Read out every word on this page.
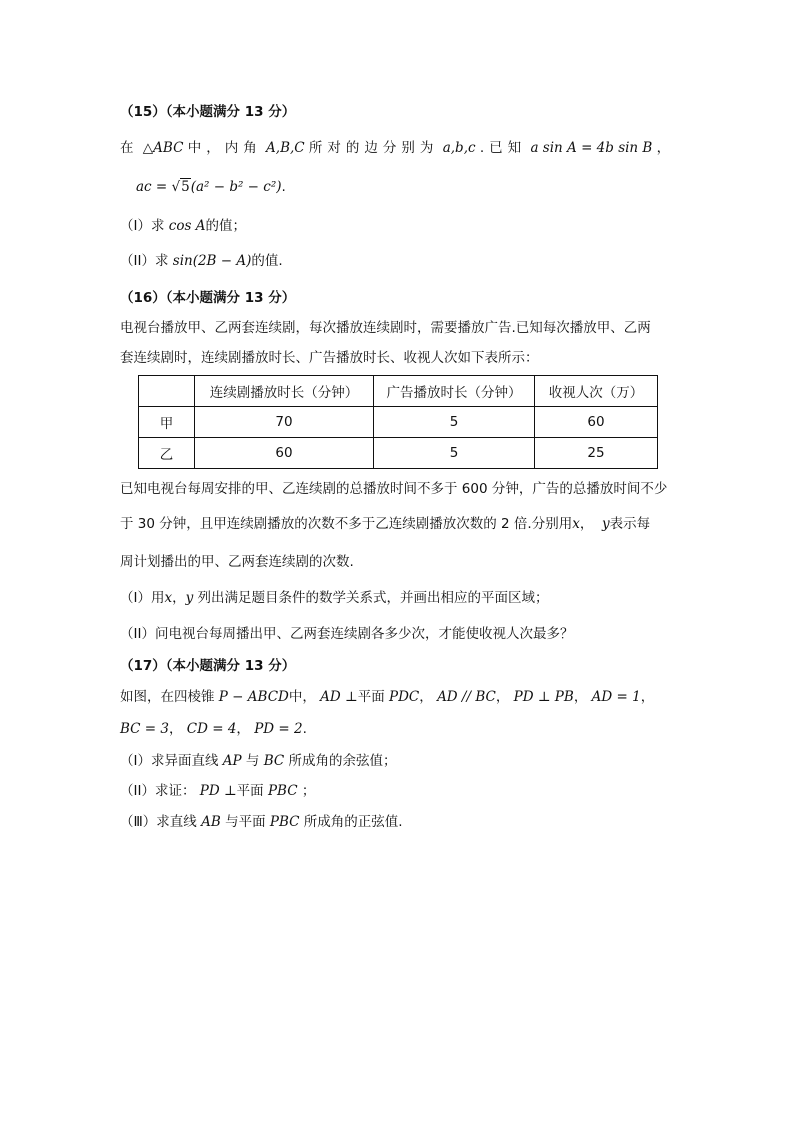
（15）（本小题满分 13 分）
在 △ABC 中，内角 A,B,C 所对的边分别为 a,b,c .已知 a sin A = 4b sin B ，
ac = √5(a² − b² − c²).
（I）求 cos A的值；
（II）求 sin(2B − A)的值.
（16）（本小题满分 13 分）
电视台播放甲、乙两套连续剧，每次播放连续剧时，需要播放广告.已知每次播放甲、乙两
套连续剧时，连续剧播放时长、广告播放时长、收视人次如下表所示：
	连续剧播放时长（分钟）	广告播放时长（分钟）	收视人次（万）
甲	70	5	60
乙	60	5	25
已知电视台每周安排的甲、乙连续剧的总播放时间不多于 600 分钟，广告的总播放时间不少
于 30 分钟，且甲连续剧播放的次数不多于乙连续剧播放次数的 2 倍.分别用x， y表示每
周计划播出的甲、乙两套连续剧的次数.
（I）用x，y 列出满足题目条件的数学关系式，并画出相应的平面区域；
（II）问电视台每周播出甲、乙两套连续剧各多少次，才能使收视人次最多？
（17）（本小题满分 13 分）
如图，在四棱锥 P − ABCD中， AD ⊥平面 PDC， AD // BC， PD ⊥ PB， AD = 1，
BC = 3， CD = 4， PD = 2.
（I）求异面直线 AP 与 BC 所成角的余弦值；
（II）求证： PD ⊥平面 PBC ；
（Ⅲ）求直线 AB 与平面 PBC 所成角的正弦值.
